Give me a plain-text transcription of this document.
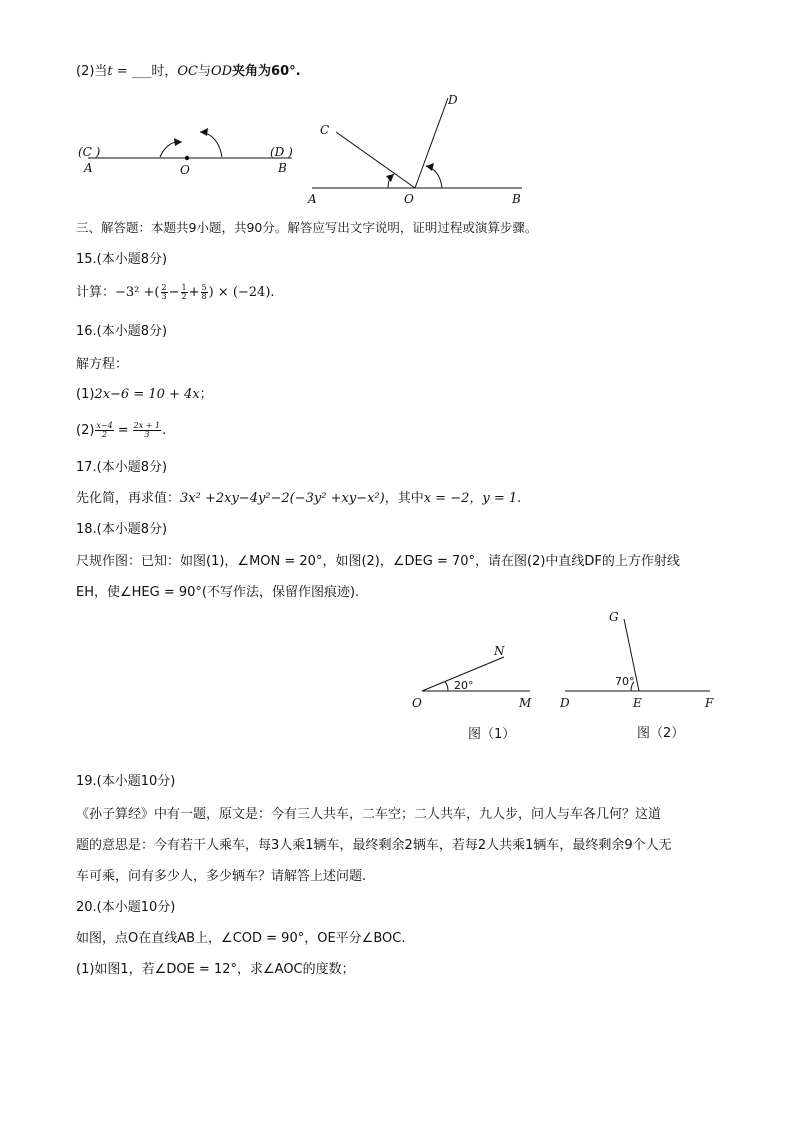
(2)当t = ___时，OC与OD夹角为60°.
(C )	(D )
A	O	B
C
D
A	O	B
三、解答题：本题共9小题，共90分。解答应写出文字说明，证明过程或演算步骤。
15.(本小题8分)
计算：−3² +( $\frac{2}{3} - \frac{1}{2} + \frac{5}{8}$ ) × (−24).
16.(本小题8分)
解方程：
(1)2x−6 = 10 + 4x；
$(2) \frac{x-4}{2} = \frac{2x + 1}{3}$ .
17.(本小题8分)
先化简，再求值：3x² +2xy−4y²−2(−3y² +xy−x²)，其中x = −2，y = 1.
18.(本小题8分)
尺规作图：已知：如图(1)，∠MON = 20°，如图(2)，∠DEG = 70°，请在图(2)中直线DF的上方作射线
EH，使∠HEG = 90°(不写作法，保留作图痕迹).
20°
O	M
N
图（1）
70°
G
D	E	F
图（2）
19.(本小题10分)
《孙子算经》中有一题，原文是：今有三人共车，二车空；二人共车，九人步，问人与车各几何？这道
题的意思是：今有若干人乘车，每3人乘1辆车，最终剩余2辆车，若每2人共乘1辆车，最终剩余9个人无
车可乘，问有多少人，多少辆车？请解答上述问题.
20.(本小题10分)
如图，点O在直线AB上，∠COD = 90°，OE平分∠BOC.
(1)如图1，若∠DOE = 12°，求∠AOC的度数；
